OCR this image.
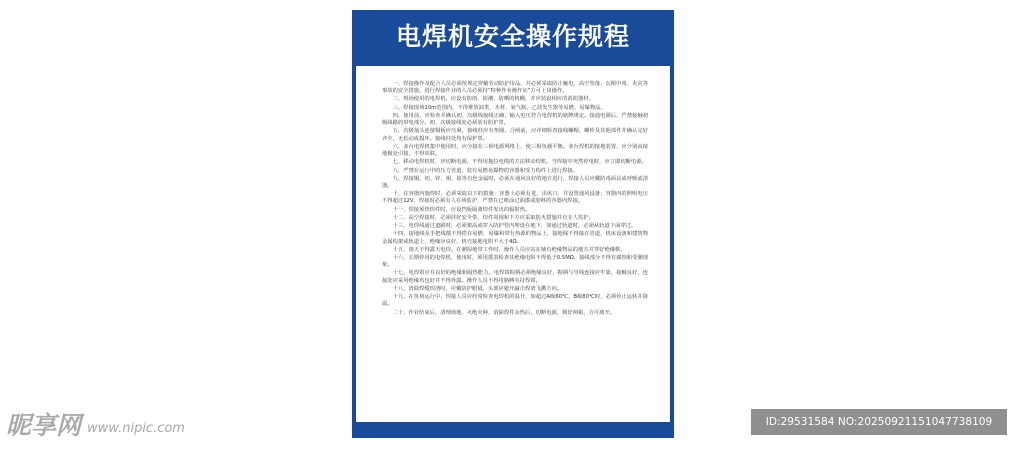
电焊机安全操作规程

一、焊接操作及配合人员必须按规定穿戴劳动防护用品，并必须采取防止触电、高空坠落、瓦斯中毒、火灾等事故的安全措施。进行焊接作业的人员必须持“特种作业操作证”方可上岗操作。

二、现场使用的电焊机，应设有防雨、防潮、防晒的机棚，并应装设相应的消防器材。

三、焊接现场10m范围内，不得堆放油类、木材、氧气瓶、乙炔发生器等易燃、易爆物品。

四、使用前，应检查并确认初、次级线接线正确，输入电压符合电焊机的铭牌规定。接通电源后，严禁接触初级线路的带电部分。初、次级接线处必须装有防护罩。

五、次级抽头连接铜板应压紧，接线柱应有垫圈。合闸前，应详细检查接线螺帽、螺栓及其他部件并确认完好齐全，无松动或损坏。接线柱处均有保护罩。

六、多台电焊机集中使用时，应分接在三相电源网络上，使三相负载平衡。多台焊机的接地装置，应分别由接地极处引接，不得串联。

七、移动电焊机时，应切断电源，不得用拖拉电缆的方法移动焊机。当焊接中突然停电时，应立即切断电源。

八、严禁在运行中的压力管道、装有易燃易爆物的容器和受力构件上进行焊接。

九、焊接铜、铝、锌、锡、铅等有色金属时，必须在通风良好的地方进行，焊接人员应戴防毒面具或呼吸滤清器。

十、在容器内施焊时，必须采取以下的措施：容器上必须有进、出风口，并设置通风设备；容器内的照明电压不得超过12V，焊接时必须有人在场监护，严禁在已喷涂过油漆或胶料的容器内焊接。

十一、焊接预热焊件时，应设挡板隔离焊件发出的辐射热。

十二、高空焊接时，必须挂好安全带，焊件周围和下方应采取防火措施并有专人监护。

十三、电焊线通过道路时，必须架高或穿入防护管内埋设在地下，如通过轨道时，必须从轨道下面穿过。

十四、接地线及手把线都不得搭在易燃、易爆和带有热源的物品上，接地线不得接在管道、机床设备和建筑物金属构架或轨道上，绝缘应良好，机壳接地电阻不大于4Ω。

十五、雨天不得露天电焊。在潮湿地带工作时，操作人员应站在铺有绝缘物品的地方并穿好绝缘鞋。

十六、长期停用的电焊机，使用时，须用摇表检查其绝缘电阻不得低于0.5MΩ，接线部分不得有腐蚀和受潮现象。

十七、电焊钳应有良好的绝缘和隔热能力。电焊钳握柄必须绝缘良好，握柄与导线连接应牢靠，接触良好，连接处应采用绝缘布包好并不得外露。操作人员不得用胳膊夹持焊钳。

十八、清除焊缝焊渣时，应戴防护眼镜，头部应避开敲击焊渣飞溅方向。

十九、在负荷运行中，焊接人员应经常检查电焊机的温升，如超过A级60℃、B级80℃时，必须停止运转并降温。

二十、作业结束后，清理场地、灭绝火种，消除焊件余热后，切断电源，锁好闸箱，方可离开。

昵享网 www.nipic.com	ID:29531584 NO:20250921151047738109
